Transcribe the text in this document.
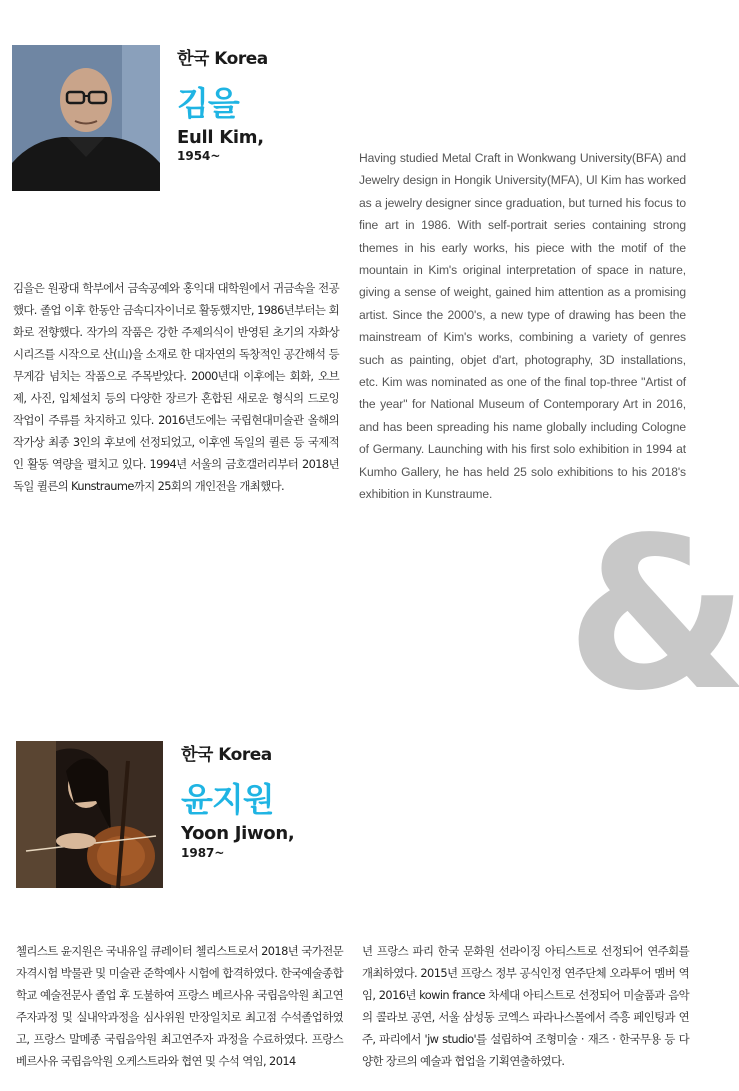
한국 Korea
김을
Eull Kim,
1954~
김을은 원광대 학부에서 금속공예와 홍익대 대학원에서 귀금속을 전공했다. 졸업 이후 한동안 금속디자이너로 활동했지만, 1986년부터는 회화로 전향했다. 작가의 작품은 강한 주제의식이 반영된 초기의 자화상 시리즈를 시작으로 산(山)을 소재로 한 대자연의 독창적인 공간해석 등 무게감 넘치는 작품으로 주목받았다. 2000년대 이후에는 회화, 오브제, 사진, 입체설치 등의 다양한 장르가 혼합된 새로운 형식의 드로잉 작업이 주류를 차지하고 있다. 2016년도에는 국립현대미술관 올해의 작가상 최종 3인의 후보에 선정되었고, 이후엔 독일의 퀼른 등 국제적인 활동 역량을 펼치고 있다. 1994년 서울의 금호갤러리부터 2018년 독일 퀼른의 Kunstraume까지 25회의 개인전을 개최했다.
Having studied Metal Craft in Wonkwang University(BFA) and Jewelry design in Hongik University(MFA), Ul Kim has worked as a jewelry designer since graduation, but turned his focus to fine art in 1986. With self-portrait series containing strong themes in his early works, his piece with the motif of the mountain in Kim's original interpretation of space in nature, giving a sense of weight, gained him attention as a promising artist. Since the 2000's, a new type of drawing has been the mainstream of Kim's works, combining a variety of genres such as painting, objet d'art, photography, 3D installations, etc. Kim was nominated as one of the final top-three "Artist of the year" for National Museum of Contemporary Art in 2016, and has been spreading his name globally including Cologne of Germany. Launching with his first solo exhibition in 1994 at Kumho Gallery, he has held 25 solo exhibitions to his 2018's exhibition in Kunstraume. &
한국 Korea
윤지원
Yoon Jiwon,
1987~
첼리스트 윤지원은 국내유일 큐레이터 첼리스트로서 2018년 국가전문자격시험 박물관 및 미술관 준학예사 시험에 합격하였다. 한국예술종합학교 예술전문사 졸업 후 도불하여 프랑스 베르사유 국립음악원 최고연주자과정 및 실내악과정을 심사위원 만장일치로 최고점 수석졸업하였고, 프랑스 말메종 국립음악원 최고연주자 과정을 수료하였다. 프랑스 베르사유 국립음악원 오케스트라와 협연 및 수석 역임, 2014
년 프랑스 파리 한국 문화원 선라이징 아티스트로 선정되어 연주회를 개최하였다. 2015년 프랑스 정부 공식인정 연주단체 오라투어 멤버 역임, 2016년 kowin france 차세대 아티스트로 선정되어 미술품과 음악의 콜라보 공연, 서울 삼성동 코엑스 파라나스몰에서 즉흥 페인팅과 연주, 파리에서 'jw studio'를 설립하여 조형미술 · 재즈 · 한국무용 등 다양한 장르의 예술과 협업을 기획연출하였다.
